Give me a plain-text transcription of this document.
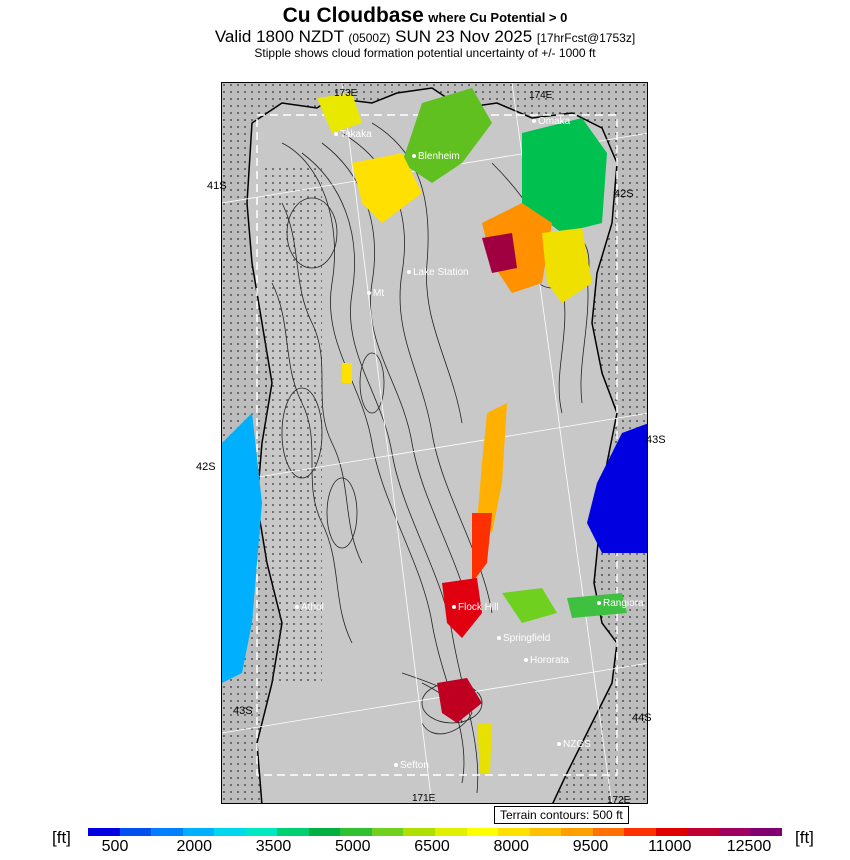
Cu Cloudbase where Cu Potential > 0
Valid 1800 NZDT (0500Z) SUN 23 Nov 2025 [17hrFcst@1753z]
Stipple shows cloud formation potential uncertainty of +/- 1000 ft
173E	174E
171E	172E
Takaka
Blenheim
Omaka
Lake Station
Mt
Athol	Flock Hill
Springfield
Hororata
Rangiora
Sefton
NZGS
41S
42S
42S
43S
43S
44S
Terrain contours: 500 ft
[ft]	[ft]
500	2000	3500	5000	6500	8000	9500 11000 12500
